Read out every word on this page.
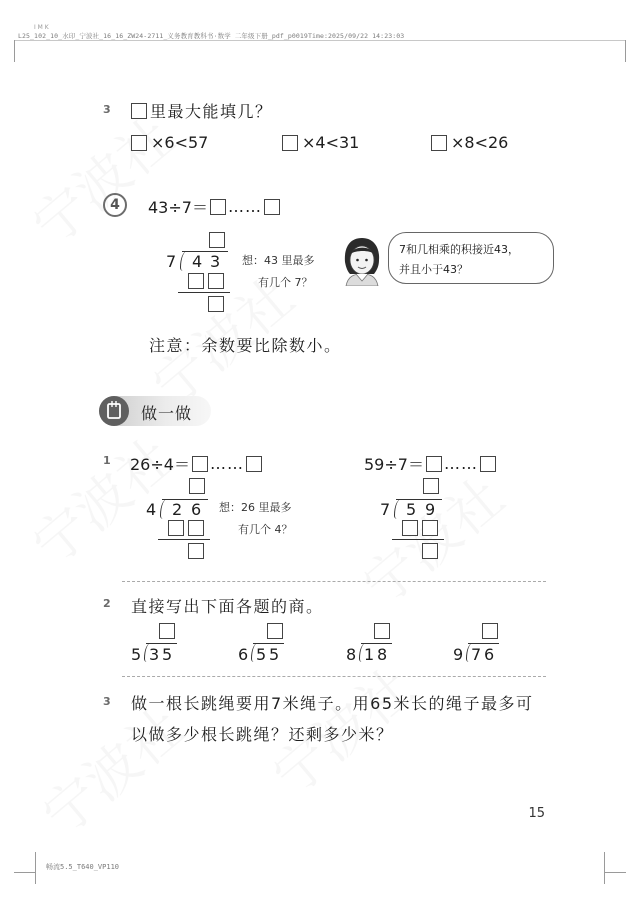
I M K
L25_102_10_水印_宁波社_16_16_ZW24-2711_义务教育教科书·数学 二年级下册_pdf_p0019Time:2025/09/22 14:23:03
3 里最大能填几？
×6<57	×4<31	×8<26
4	43÷7＝ ……
7 4 3 想：43 里最多
有几个 7？
7和几相乘的积接近43，
并且小于43？
注意：余数要比除数小。
做一做
1 26÷4＝ ……	59÷7＝ ……
4 2 6 想：26 里最多
有几个 4？
7 5 9
2 直接写出下面各题的商。
5 3 5	6 5 5	8 1 8	9 7 6
3 做一根长跳绳要用7米绳子。用65米长的绳子最多可
以做多少根长跳绳？还剩多少米？
15
畅流5.5_T640_VP110
